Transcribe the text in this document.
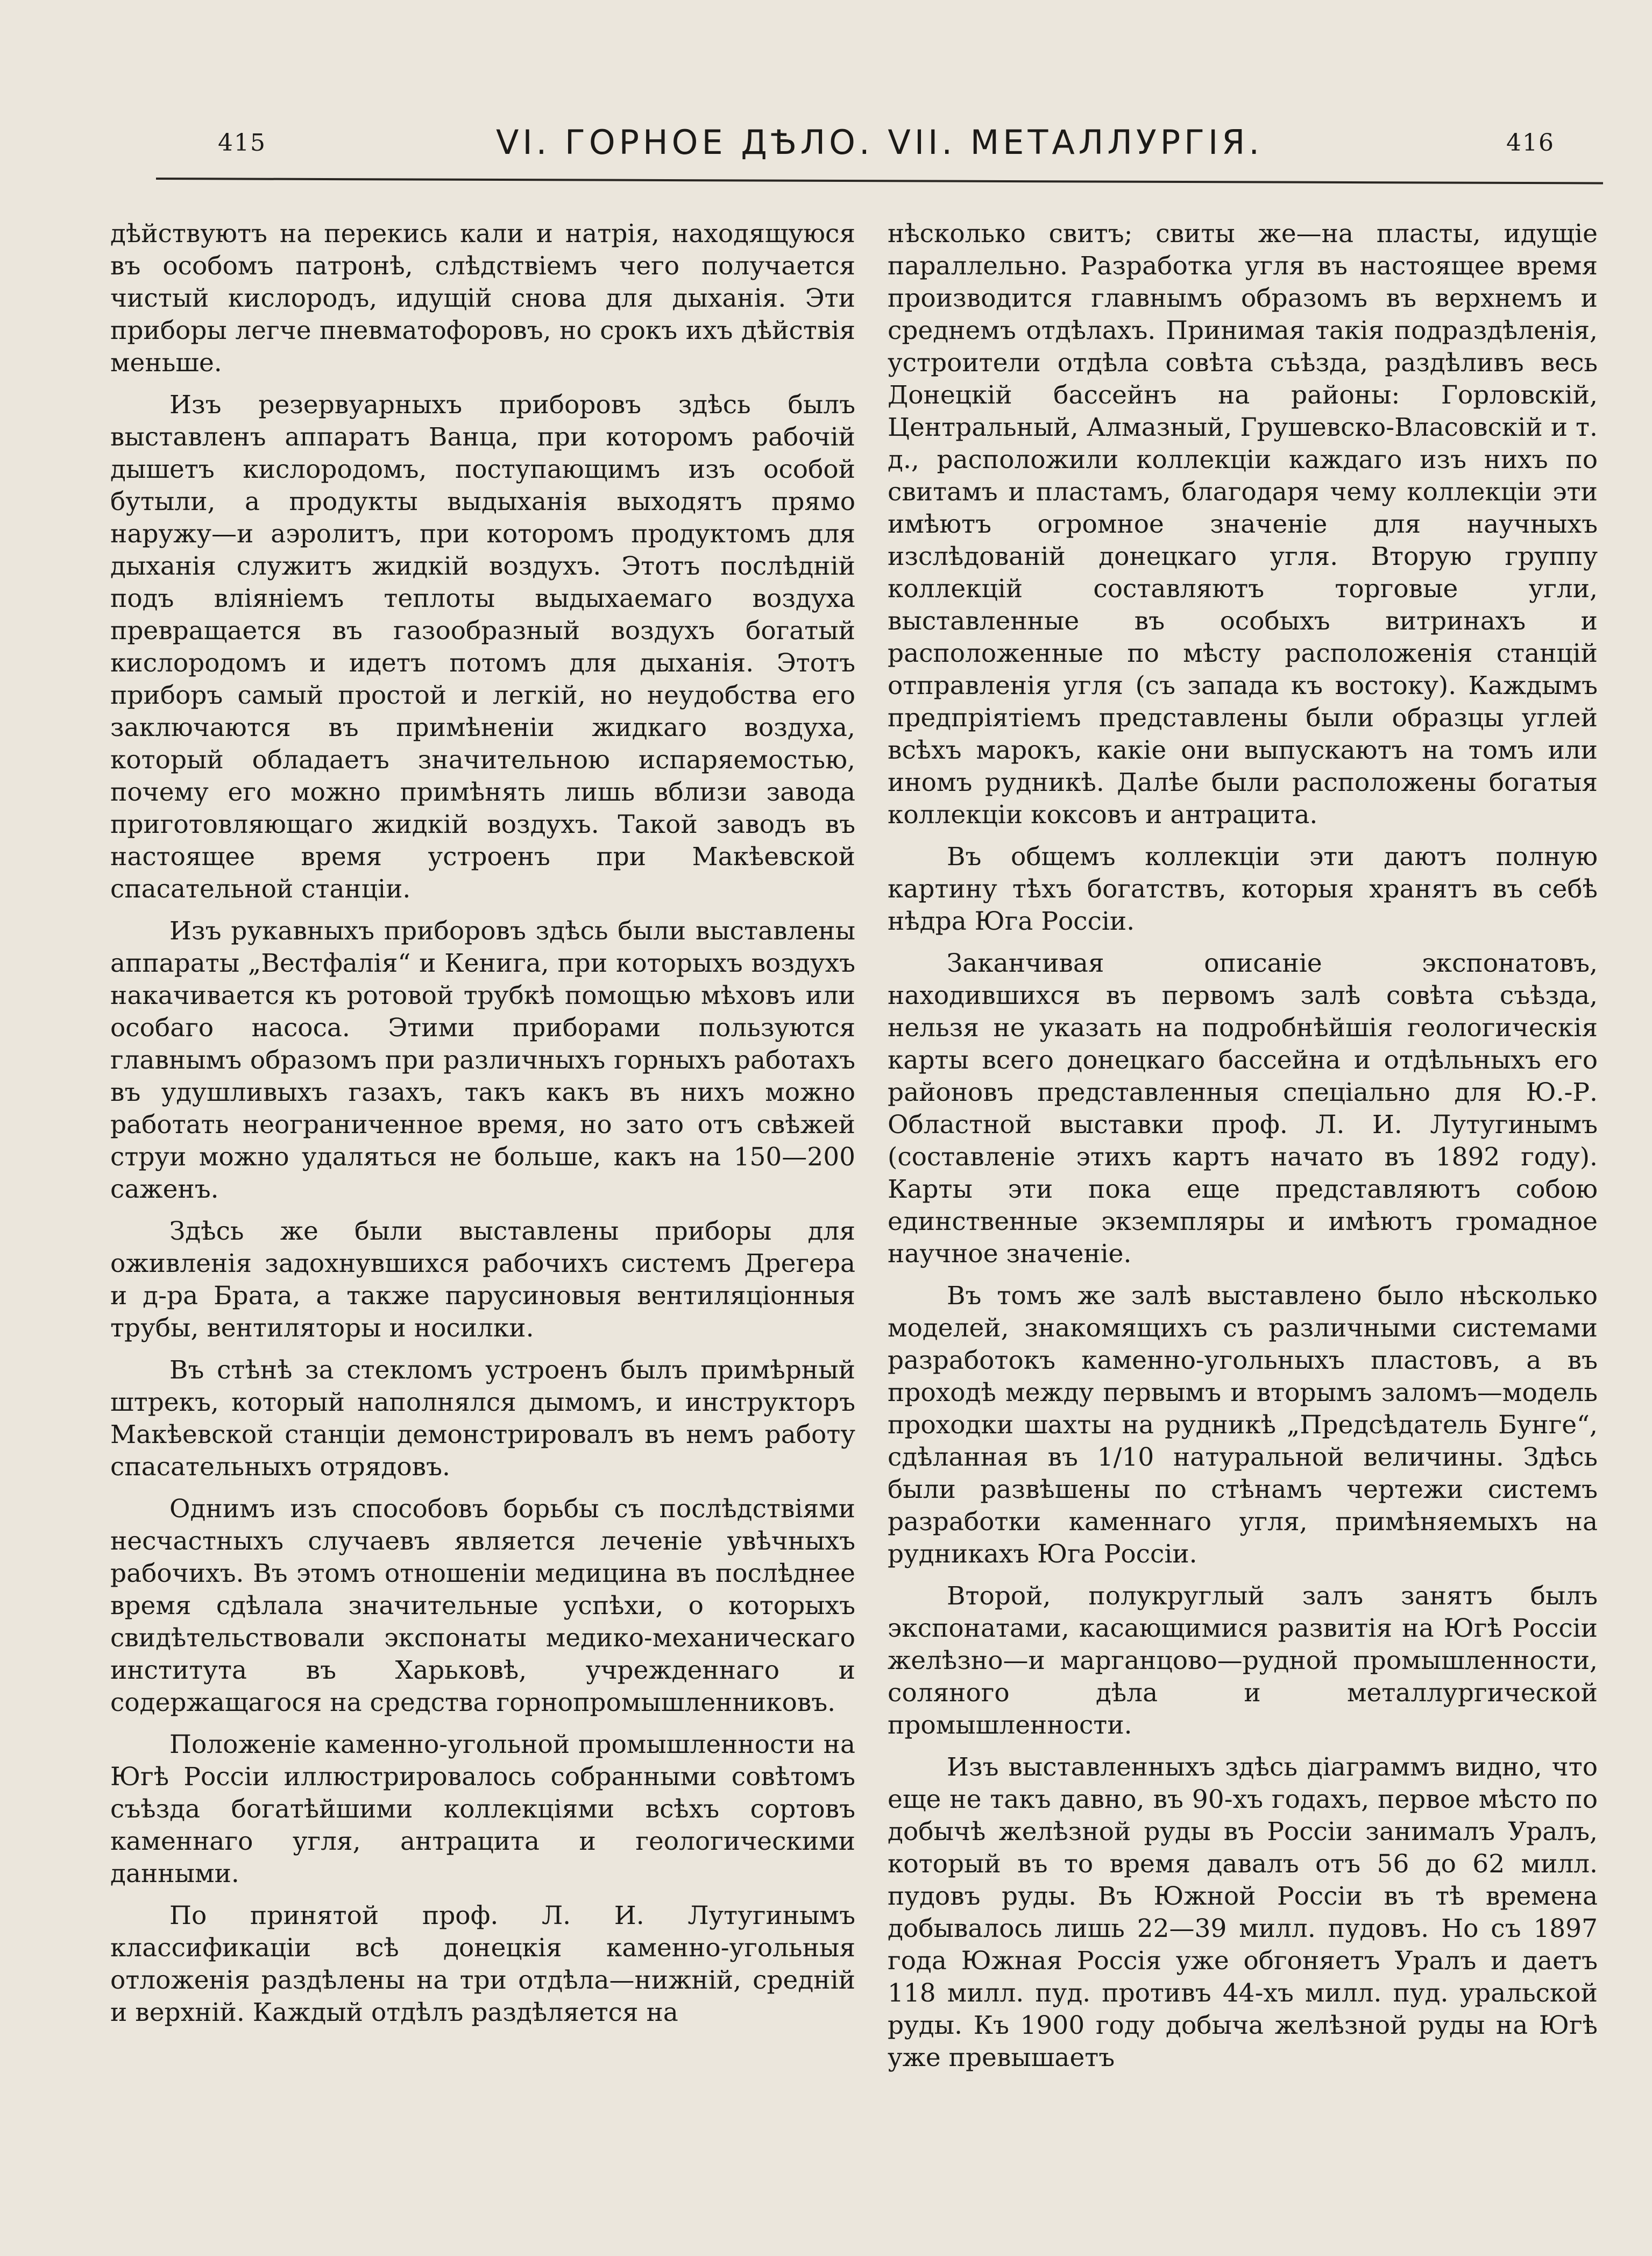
415	VI. ГОРНОЕ ДѢЛО. VII. МЕТАЛЛУРГІЯ.	416

дѣйствуютъ на перекись кали и натрія, находящуюся въ особомъ патронѣ, слѣдствіемъ чего получается чистый кислородъ, идущій снова для дыханія. Эти приборы легче пневматофоровъ, но срокъ ихъ дѣйствія меньше.

Изъ резервуарныхъ приборовъ здѣсь былъ выставленъ аппаратъ Ванца, при которомъ рабочій дышетъ кислородомъ, поступающимъ изъ особой бутыли, а продукты выдыханія выходятъ прямо наружу—и аэролитъ, при которомъ продуктомъ для дыханія служитъ жидкій воздухъ. Этотъ послѣдній подъ вліяніемъ теплоты выдыхаемаго воздуха превращается въ газообразный воздухъ богатый кислородомъ и идетъ потомъ для дыханія. Этотъ приборъ самый простой и легкій, но неудобства его заключаются въ примѣненіи жидкаго воздуха, который обладаетъ значительною испаряемостью, почему его можно примѣнять лишь вблизи завода приготовляющаго жидкій воздухъ. Такой заводъ въ настоящее время устроенъ при Макѣевской спасательной станціи.

Изъ рукавныхъ приборовъ здѣсь были выставлены аппараты „Вестфалія“ и Кенига, при которыхъ воздухъ накачивается къ ротовой трубкѣ помощью мѣховъ или особаго насоса. Этими приборами пользуются главнымъ образомъ при различныхъ горныхъ работахъ въ удушливыхъ газахъ, такъ какъ въ нихъ можно работать неограниченное время, но зато отъ свѣжей струи можно удаляться не больше, какъ на 150—200 саженъ.

Здѣсь же были выставлены приборы для оживленія задохнувшихся рабочихъ системъ Дрегера и д-ра Брата, а также парусиновыя вентиляціонныя трубы, вентиляторы и носилки.

Въ стѣнѣ за стекломъ устроенъ былъ примѣрный штрекъ, который наполнялся дымомъ, и инструкторъ Макѣевской станціи демонстрировалъ въ немъ работу спасательныхъ отрядовъ.

Однимъ изъ способовъ борьбы съ послѣдствіями несчастныхъ случаевъ является леченіе увѣчныхъ рабочихъ. Въ этомъ отношеніи медицина въ послѣднее время сдѣлала значительные успѣхи, о которыхъ свидѣтельствовали экспонаты медико-механическаго института въ Харьковѣ, учрежденнаго и содержащагося на средства горнопромышленниковъ.

Положеніе каменно-угольной промышленности на Югѣ Россіи иллюстрировалось собранными совѣтомъ съѣзда богатѣйшими коллекціями всѣхъ сортовъ каменнаго угля, антрацита и геологическими данными.

По принятой проф. Л. И. Лутугинымъ классификаціи всѣ донецкія каменно-угольныя отложенія раздѣлены на три отдѣла—нижній, средній и верхній. Каждый отдѣлъ раздѣляется на

нѣсколько свитъ; свиты же—на пласты, идущіе параллельно. Разработка угля въ настоящее время производится главнымъ образомъ въ верхнемъ и среднемъ отдѣлахъ. Принимая такія подраздѣленія, устроители отдѣла совѣта съѣзда, раздѣливъ весь Донецкій бассейнъ на районы: Горловскій, Центральный, Алмазный, Грушевско-Власовскій и т. д., расположили коллекціи каждаго изъ нихъ по свитамъ и пластамъ, благодаря чему коллекціи эти имѣютъ огромное значеніе для научныхъ изслѣдованій донецкаго угля. Вторую группу коллекцій составляютъ торговые угли, выставленные въ особыхъ витринахъ и расположенные по мѣсту расположенія станцій отправленія угля (съ запада къ востоку). Каждымъ предпріятіемъ представлены были образцы углей всѣхъ марокъ, какіе они выпускаютъ на томъ или иномъ рудникѣ. Далѣе были расположены богатыя коллекціи коксовъ и антрацита.

Въ общемъ коллекціи эти даютъ полную картину тѣхъ богатствъ, которыя хранятъ въ себѣ нѣдра Юга Россіи.

Заканчивая описаніе экспонатовъ, находившихся въ первомъ залѣ совѣта съѣзда, нельзя не указать на подробнѣйшія геологическія карты всего донецкаго бассейна и отдѣльныхъ его районовъ представленныя спеціально для Ю.-Р. Областной выставки проф. Л. И. Лутугинымъ (составленіе этихъ картъ начато въ 1892 году). Карты эти пока еще представляютъ собою единственные экземпляры и имѣютъ громадное научное значеніе.

Въ томъ же залѣ выставлено было нѣсколько моделей, знакомящихъ съ различными системами разработокъ каменно-угольныхъ пластовъ, а въ проходѣ между первымъ и вторымъ заломъ—модель проходки шахты на рудникѣ „Предсѣдатель Бунге“, сдѣланная въ 1/10 натуральной величины. Здѣсь были развѣшены по стѣнамъ чертежи системъ разработки каменнаго угля, примѣняемыхъ на рудникахъ Юга Россіи.

Второй, полукруглый залъ занятъ былъ экспонатами, касающимися развитія на Югѣ Россіи желѣзно—и марганцово—рудной промышленности, соляного дѣла и металлургической промышленности.

Изъ выставленныхъ здѣсь діаграммъ видно, что еще не такъ давно, въ 90-хъ годахъ, первое мѣсто по добычѣ желѣзной руды въ Россіи занималъ Уралъ, который въ то время давалъ отъ 56 до 62 милл. пудовъ руды. Въ Южной Россіи въ тѣ времена добывалось лишь 22—39 милл. пудовъ. Но съ 1897 года Южная Россія уже обгоняетъ Уралъ и даетъ 118 милл. пуд. противъ 44-хъ милл. пуд. уральской руды. Къ 1900 году добыча желѣзной руды на Югѣ уже превышаетъ
